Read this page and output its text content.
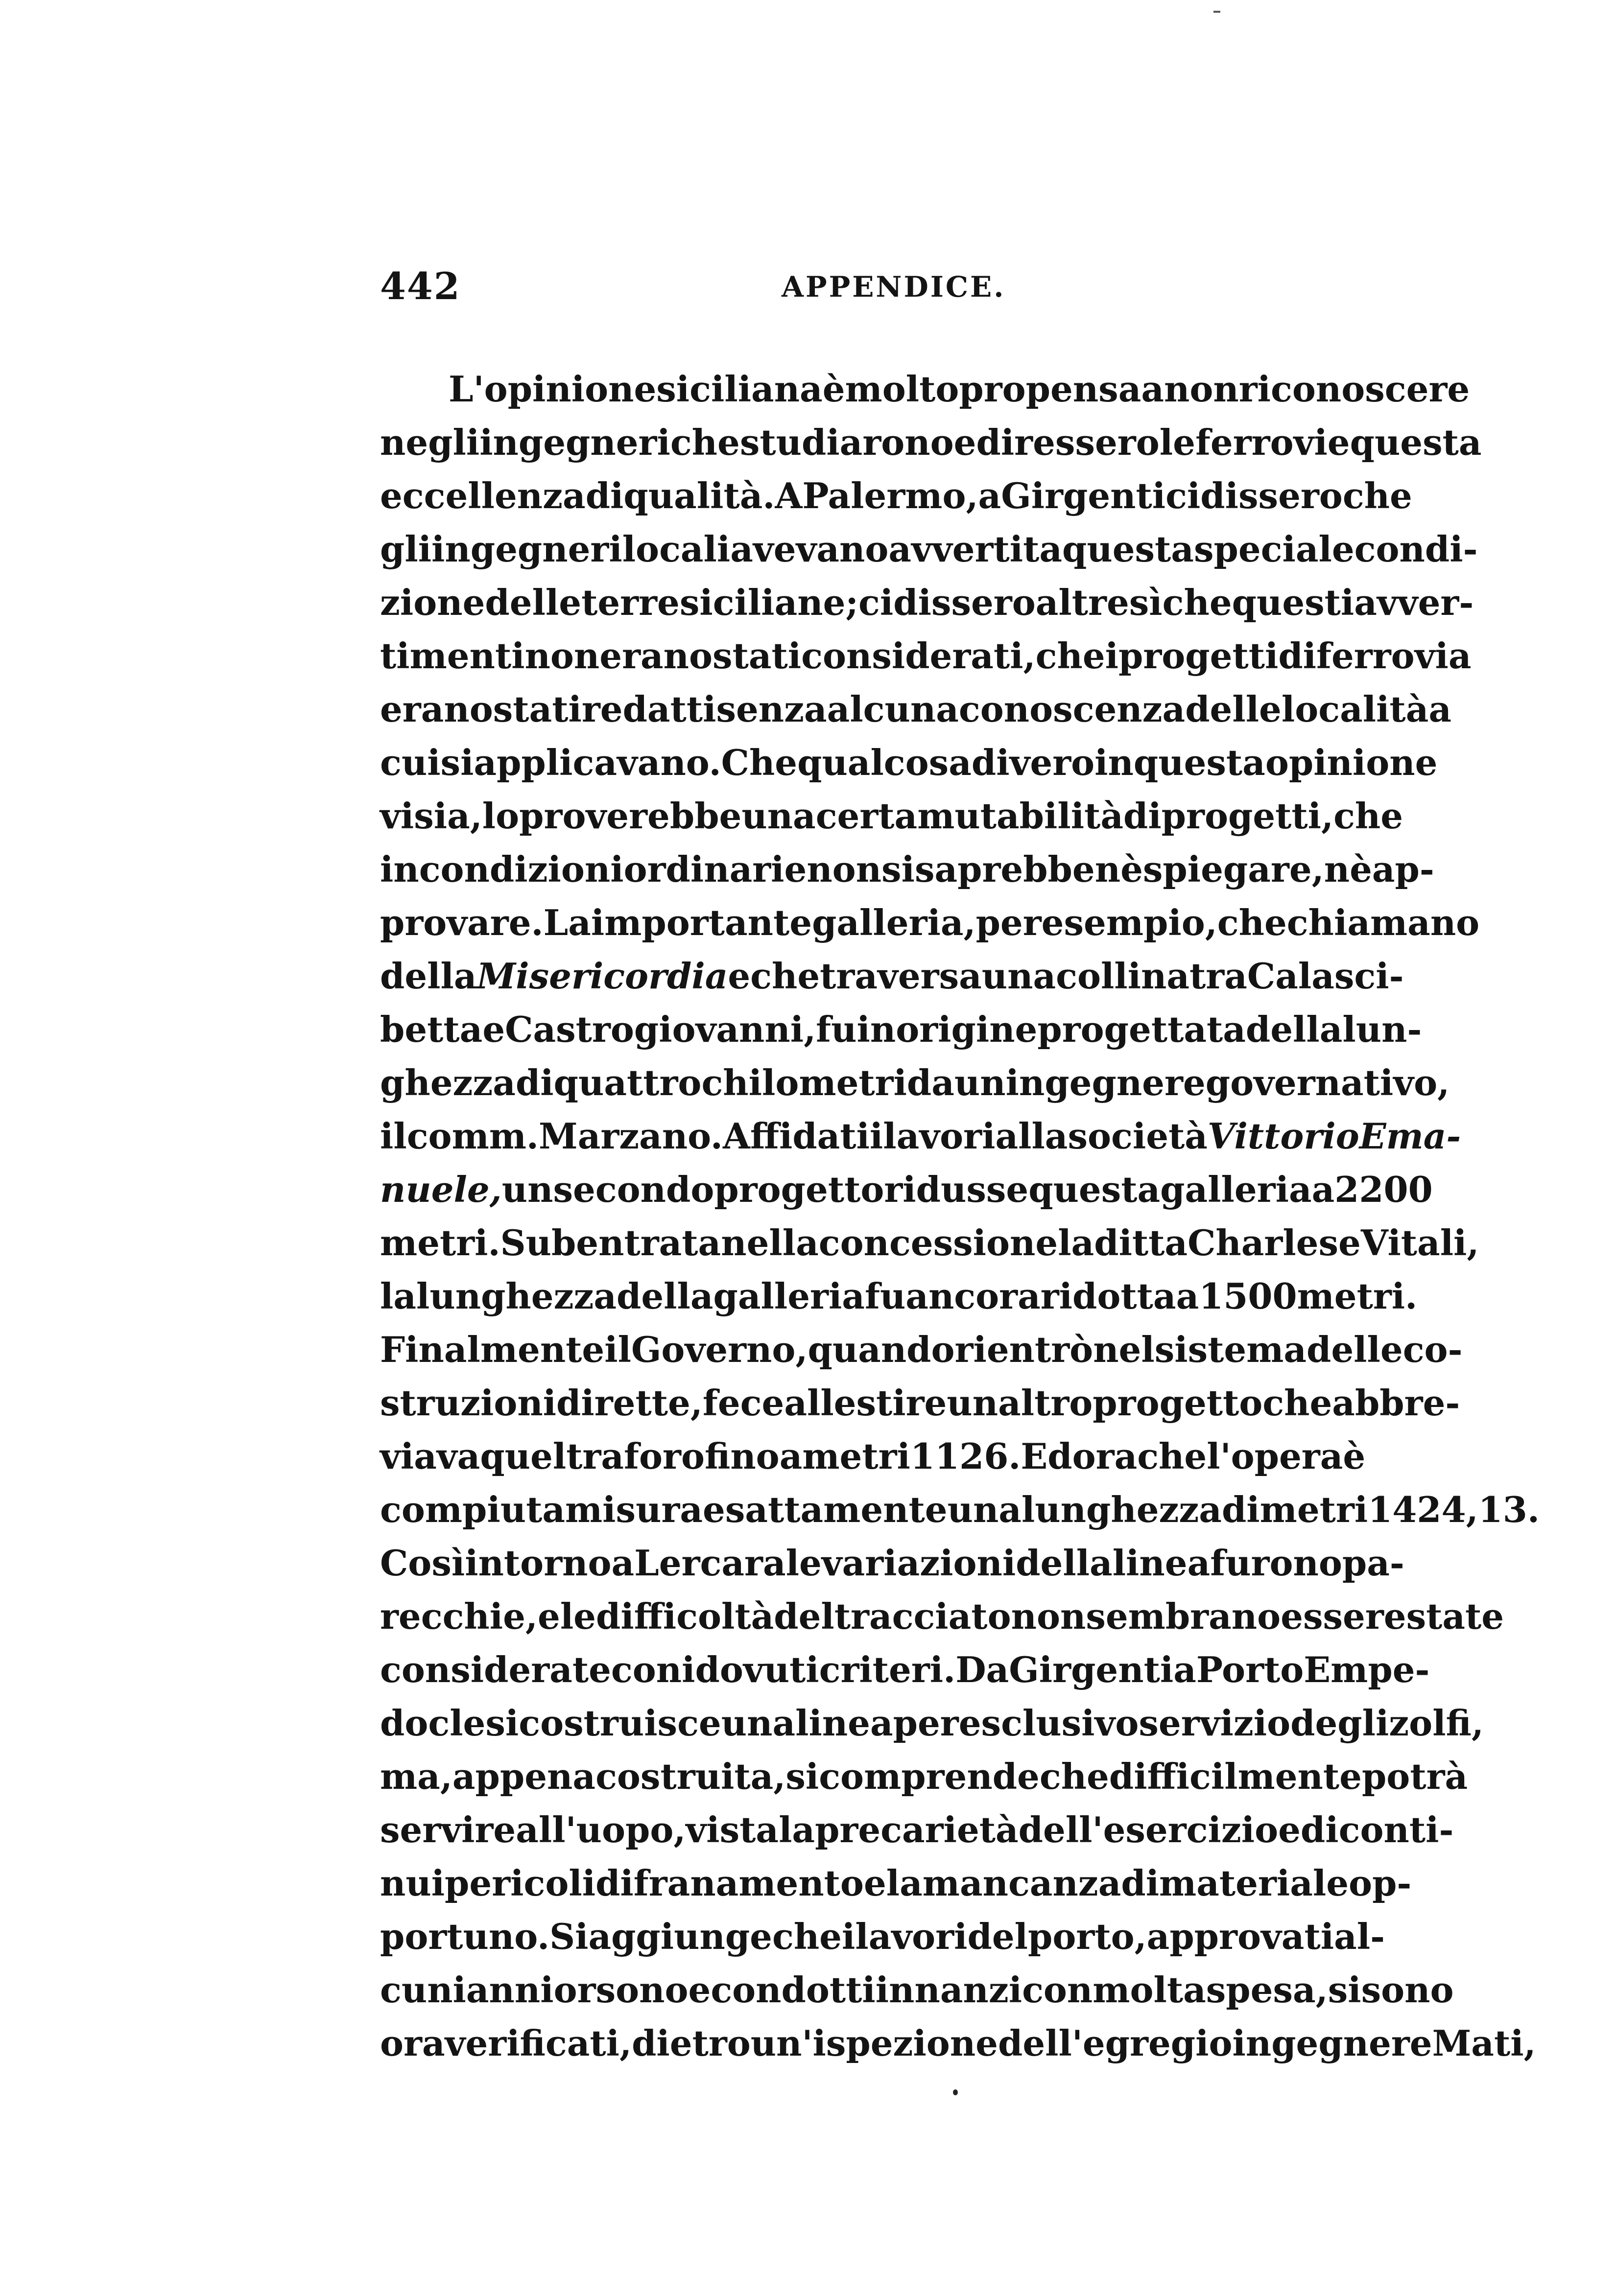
442	APPENDICE.
L'opinione siciliana è molto propensa a non riconoscere
negli ingegneri che studiarono e diressero le ferrovie questa
eccellenza di qualità. A Palermo, a Girgenti ci dissero che
gli ingegneri locali avevano avvertita questa speciale condi-
zione delle terre siciliane; ci dissero altresì che questi avver-
timenti non erano stati considerati, che i progetti di ferrovia
erano stati redatti senza alcuna conoscenza delle località a
cui si applicavano. Che qualcosa di vero in questa opinione
vi sia, lo proverebbe una certa mutabilità di progetti, che
in condizioni ordinarie non si saprebbe nè spiegare, nè ap-
provare. La importante galleria, per esempio, che chiamano
dellaMisericordia e che traversa una collina tra Calasci-
betta e Castrogiovanni, fu in origine progettata della lun-
ghezza di quattro chilometri da un ingegnere governativo,
il comm. Marzano. Affidati i lavori alla societàVittorio Ema-
nuele, un secondo progetto ridusse questa galleria a 2200
metri. Subentrata nella concessione la ditta Charles e Vitali,
la lunghezza della galleria fu ancora ridotta a 1500 metri.
Finalmente il Governo, quando rientrò nel sistema delle co-
struzioni dirette, fece allestire un altro progetto che abbre-
viava quel traforo fino a metri 1126. Ed ora che l'opera è
compiuta misura esattamente una lunghezza di metri 1424,13.
Così intorno a Lercara le variazioni della linea furono pa-
recchie, e le difficoltà del tracciato non sembrano essere state
considerate con i dovuti criteri. Da Girgenti a Porto Empe-
docle si costruisce una linea per esclusivo servizio degli zolfi,
ma, appena costruita, si comprende che difficilmente potrà
servire all'uopo, vista la precarietà dell'esercizio ed i conti-
nui pericoli di franamento e la mancanza di materiale op-
portuno. Si aggiunge che i lavori del porto, approvati al-
cuni anni or sono e condotti innanzi con molta spesa, si sono
ora verificati, dietro un'ispezione dell'egregio ingegnere Mati,
